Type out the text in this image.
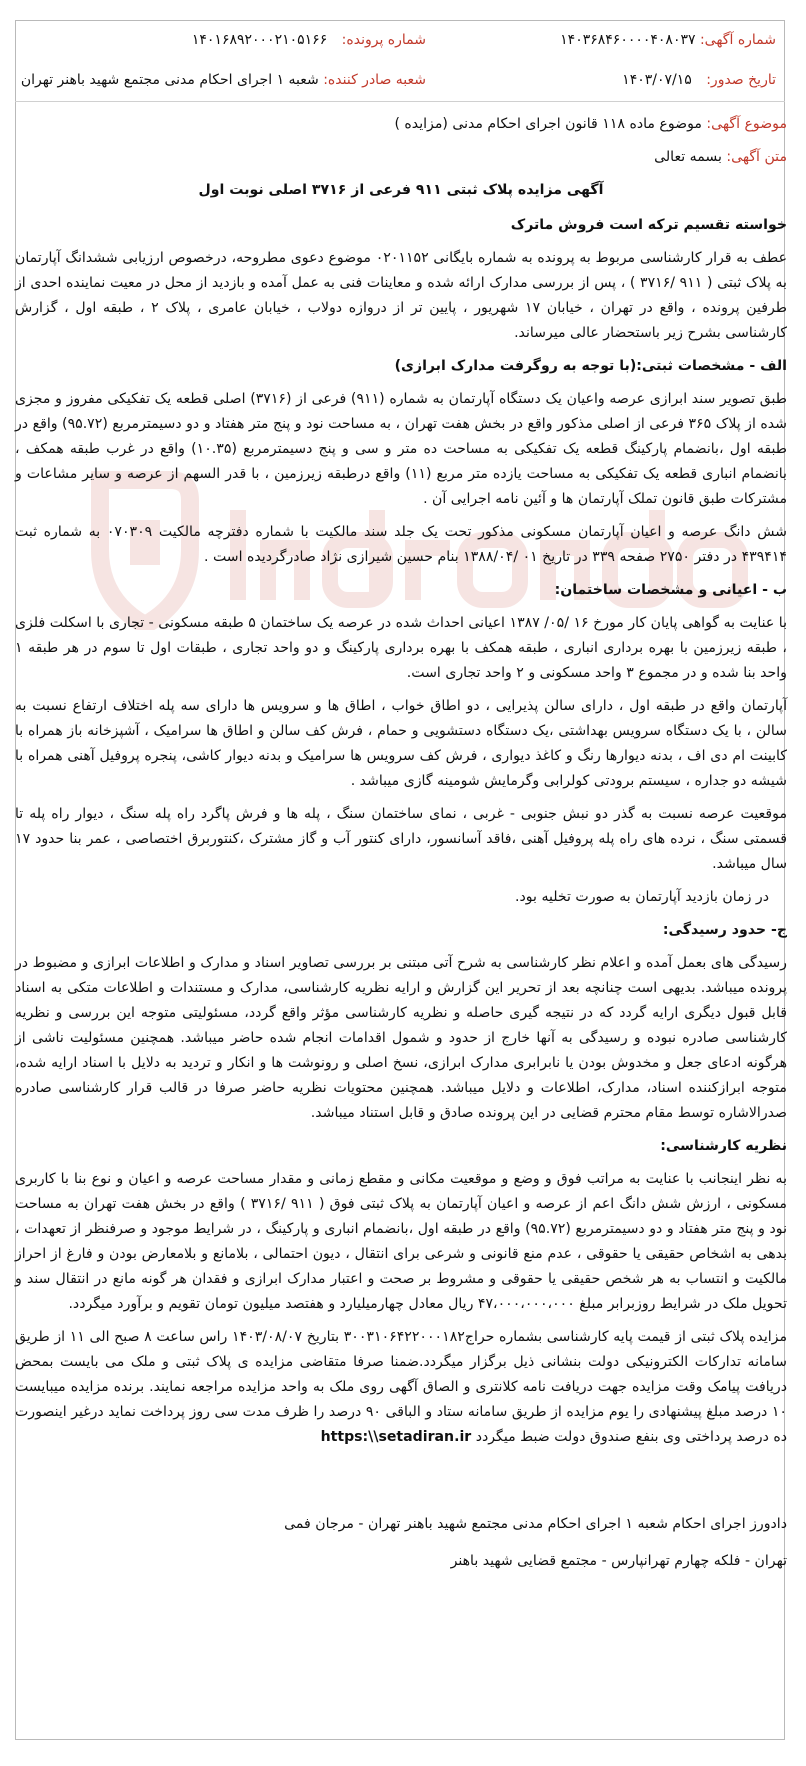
شماره آگهی: ۱۴۰۳۶۸۴۶۰۰۰۰۴۰۸۰۳۷
شماره پرونده: ۱۴۰۱۶۸۹۲۰۰۰۲۱۰۵۱۶۶
تاریخ صدور: ۱۴۰۳/۰۷/۱۵
شعبه صادر کننده: شعبه ۱ اجرای احکام مدنی مجتمع شهید باهنر تهران

موضوع آگهی: موضوع ماده ۱۱۸ قانون اجرای احکام مدنی (مزایده )

متن آگهی: بسمه تعالی

آگهی مزایده پلاک ثبتی ۹۱۱ فرعی از ۳۷۱۶ اصلی نوبت اول

خواسته تقسیم ترکه است فروش ماترک

عطف به قرار کارشناسی مربوط به پرونده به شماره بایگانی ۰۲۰۱۱۵۲ موضوع دعوی مطروحه، درخصوص ارزیابی ششدانگ آپارتمان به پلاک ثبتی ( ۹۱۱ /۳۷۱۶ ) ، پس از بررسی مدارک ارائه شده و معاینات فنی به عمل آمده و بازدید از محل در معیت نماینده احدی از طرفین پرونده ، واقع در تهران ، خیابان ۱۷ شهریور ، پایین تر از دروازه دولاب ، خیابان عامری ، پلاک ۲ ، طبقه اول ، گزارش کارشناسی بشرح زیر باستحضار عالی میرساند.

الف - مشخصات ثبتی:(با توجه به روگرفت مدارک ابرازی)

طبق تصویر سند ابرازی عرصه واعیان یک دستگاه آپارتمان به شماره (۹۱۱) فرعی از (۳۷۱۶) اصلی قطعه یک تفکیکی مفروز و مجزی شده از پلاک ۳۶۵ فرعی از اصلی مذکور واقع در بخش هفت تهران ، به مساحت نود و پنج متر هفتاد و دو دسیمترمربع (۹۵.۷۲) واقع در طبقه اول ،بانضمام پارکینگ قطعه یک تفکیکی به مساحت ده متر و سی و پنج دسیمترمربع (۱۰.۳۵) واقع در غرب طبقه همکف ، بانضمام انباری قطعه یک تفکیکی به مساحت یازده متر مربع (۱۱) واقع درطبقه زیرزمین ، با قدر السهم از عرصه و سایر مشاعات و مشترکات طبق قانون تملک آپارتمان ها و آئین نامه اجرایی آن .

شش دانگ عرصه و اعیان آپارتمان مسکونی مذکور تحت یک جلد سند مالکیت با شماره دفترچه مالکیت ۰۷۰۳۰۹ به شماره ثبت ۴۳۹۴۱۴ در دفتر ۲۷۵۰ صفحه ۳۳۹ در تاریخ ۰۱ /۱۳۸۸/۰۴ بنام حسین شیرازی نژاد صادرگردیده است .

ب - اعیانی و مشخصات ساختمان:

با عنایت به گواهی پایان کار مورخ ۱۶ /۰۵/ ۱۳۸۷ اعیانی احداث شده در عرصه یک ساختمان ۵ طبقه مسکونی - تجاری با اسکلت فلزی ، طبقه زیرزمین با بهره برداری انباری ، طبقه همکف با بهره برداری پارکینگ و دو واحد تجاری ، طبقات اول تا سوم در هر طبقه ۱ واحد بنا شده و در مجموع ۳ واحد مسکونی و ۲ واحد تجاری است.

آپارتمان واقع در طبقه اول ، دارای سالن پذیرایی ، دو اطاق خواب ، اطاق ها و سرویس ها دارای سه پله اختلاف ارتفاع نسبت به سالن ، با یک دستگاه سرویس بهداشتی ،یک دستگاه دستشویی و حمام ، فرش کف سالن و اطاق ها سرامیک ، آشپزخانه باز همراه با کابینت ام دی اف ، بدنه دیوارها رنگ و کاغذ دیواری ، فرش کف سرویس ها سرامیک و بدنه دیوار کاشی، پنجره پروفیل آهنی همراه با شیشه دو جداره ، سیستم برودتی کولرابی وگرمایش شومینه گازی میباشد .

موقعیت عرصه نسبت به گذر دو نبش جنوبی - غربی ، نمای ساختمان سنگ ، پله ها و فرش پاگرد راه پله سنگ ، دیوار راه پله تا قسمتی سنگ ، نرده های راه پله پروفیل آهنی ،فاقد آسانسور، دارای کنتور آب و گاز مشترک ،کنتوربرق اختصاصی ، عمر بنا حدود ۱۷ سال میباشد.

در زمان بازدید آپارتمان به صورت تخلیه بود.

ج- حدود رسیدگی:

رسیدگی های بعمل آمده و اعلام نظر کارشناسی به شرح آتی مبتنی بر بررسی تصاویر اسناد و مدارک و اطلاعات ابرازی و مضبوط در پرونده میباشد. بدیهی است چنانچه بعد از تحریر این گزارش و ارایه نظریه کارشناسی، مدارک و مستندات و اطلاعات متکی به اسناد قابل قبول دیگری ارایه گردد که در نتیجه گیری حاصله و نظریه کارشناسی مؤثر واقع گردد، مسئولیتی متوجه این بررسی و نظریه کارشناسی صادره نبوده و رسیدگی به آنها خارج از حدود و شمول اقدامات انجام شده حاضر میباشد. همچنین مسئولیت ناشی از هرگونه ادعای جعل و مخدوش بودن یا نابرابری مدارک ابرازی، نسخ اصلی و رونوشت ها و انکار و تردید به دلایل با اسناد ارایه شده، متوجه ابرازکننده اسناد، مدارک، اطلاعات و دلایل میباشد. همچنین محتویات نظریه حاضر صرفا در قالب قرار کارشناسی صادره صدرالاشاره توسط مقام محترم قضایی در این پرونده صادق و قابل استناد میباشد.

نظریه کارشناسی:

به نظر اینجانب با عنایت به مراتب فوق و وضع و موقعیت مکانی و مقطع زمانی و مقدار مساحت عرصه و اعیان و نوع بنا با کاربری مسکونی ، ارزش شش دانگ اعم از عرصه و اعیان آپارتمان به پلاک ثبتی فوق ( ۹۱۱ /۳۷۱۶ ) واقع در بخش هفت تهران به مساحت نود و پنج متر هفتاد و دو دسیمترمربع (۹۵.۷۲) واقع در طبقه اول ،بانضمام انباری و پارکینگ ، در شرایط موجود و صرفنظر از تعهدات ، بدهی به اشخاص حقیقی یا حقوقی ، عدم منع قانونی و شرعی برای انتقال ، دیون احتمالی ، بلامانع و بلامعارض بودن و فارغ از احراز مالکیت و انتساب به هر شخص حقیقی یا حقوقی و مشروط بر صحت و اعتبار مدارک ابرازی و فقدان هر گونه مانع در انتقال سند و تحویل ملک در شرایط روزبرابر مبلغ ۴۷،۰۰۰،۰۰۰،۰۰۰ ریال معادل چهارمیلیارد و هفتصد میلیون تومان تقویم و برآورد میگردد.

مزایده پلاک ثبتی از قیمت پایه کارشناسی بشماره حراج۳۰۰۳۱۰۶۴۲۲۰۰۰۱۸۲ بتاریخ ۱۴۰۳/۰۸/۰۷ راس ساعت ۸ صبح الی ۱۱ از طریق سامانه تدارکات الکترونیکی دولت بنشانی ذیل برگزار میگردد.ضمنا صرفا متقاضی مزایده ی پلاک ثبتی و ملک می بایست بمحض دریافت پیامک وقت مزایده جهت دریافت نامه کلانتری و الصاق آگهی روی ملک به واحد مزایده مراجعه نمایند. برنده مزایده میبایست ۱۰ درصد مبلغ پیشنهادی را یوم مزایده از طریق سامانه ستاد و الباقی ۹۰ درصد را ظرف مدت سی روز پرداخت نماید درغیر اینصورت ده درصد پرداختی وی بنفع صندوق دولت ضبط میگردد https:\\setadiran.ir

دادورز اجرای احکام شعبه ۱ اجرای احکام مدنی مجتمع شهید باهنر تهران - مرجان فمی

تهران - فلکه چهارم تهرانپارس - مجتمع قضایی شهید باهنر
